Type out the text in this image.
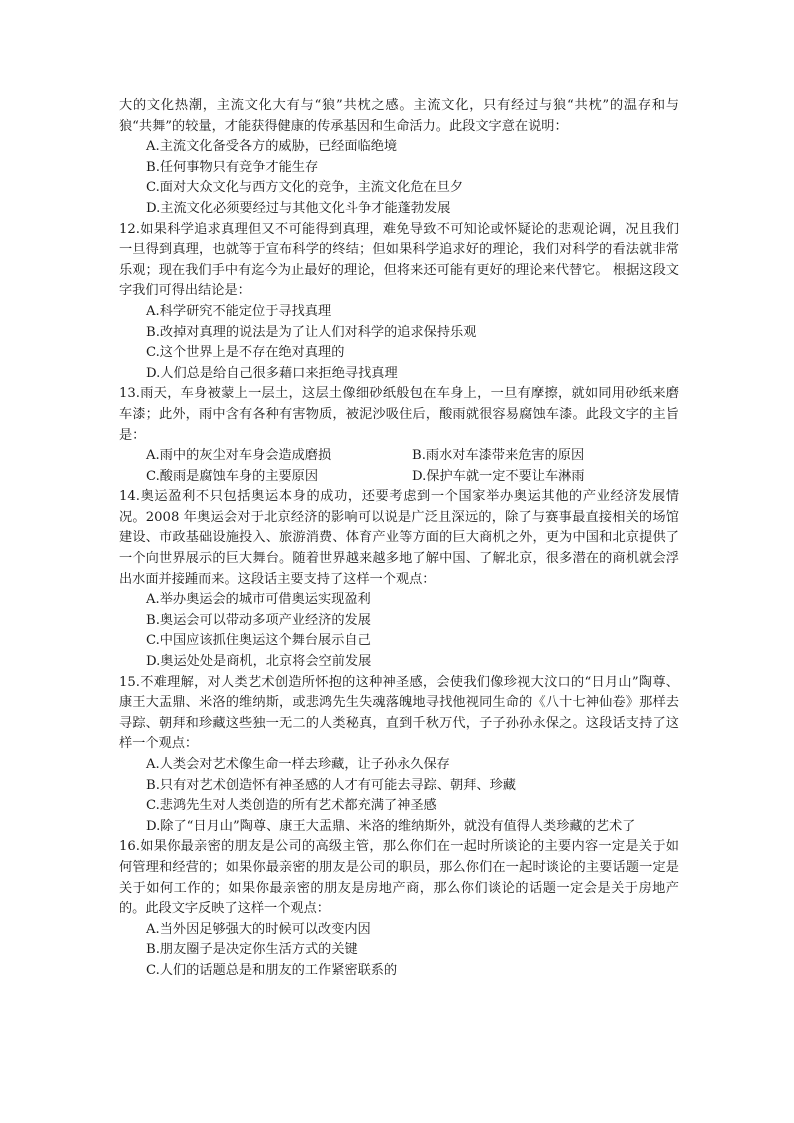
大的文化热潮，主流文化大有与“狼”共枕之感。主流文化，只有经过与狼“共枕”的温存和与狼“共舞”的较量，才能获得健康的传承基因和生命活力。此段文字意在说明：

A.主流文化备受各方的威胁，已经面临绝境

B.任何事物只有竞争才能生存

C.面对大众文化与西方文化的竞争，主流文化危在旦夕

D.主流文化必须要经过与其他文化斗争才能蓬勃发展

12.如果科学追求真理但又不可能得到真理，难免导致不可知论或怀疑论的悲观论调，况且我们一旦得到真理，也就等于宣布科学的终结；但如果科学追求好的理论，我们对科学的看法就非常乐观；现在我们手中有迄今为止最好的理论，但将来还可能有更好的理论来代替它。 根据这段文字我们可得出结论是：

A.科学研究不能定位于寻找真理

B.改掉对真理的说法是为了让人们对科学的追求保持乐观

C.这个世界上是不存在绝对真理的

D.人们总是给自己很多藉口来拒绝寻找真理

13.雨天，车身被蒙上一层土，这层土像细砂纸般包在车身上，一旦有摩擦，就如同用砂纸来磨车漆；此外，雨中含有各种有害物质，被泥沙吸住后，酸雨就很容易腐蚀车漆。此段文字的主旨是：

A.雨中的灰尘对车身会造成磨损	B.雨水对车漆带来危害的原因

C.酸雨是腐蚀车身的主要原因	D.保护车就一定不要让车淋雨

14.奥运盈利不只包括奥运本身的成功，还要考虑到一个国家举办奥运其他的产业经济发展情况。2008 年奥运会对于北京经济的影响可以说是广泛且深远的，除了与赛事最直接相关的场馆建设、市政基础设施投入、旅游消费、体育产业等方面的巨大商机之外，更为中国和北京提供了一个向世界展示的巨大舞台。随着世界越来越多地了解中国、了解北京，很多潜在的商机就会浮出水面并接踵而来。这段话主要支持了这样一个观点：

A.举办奥运会的城市可借奥运实现盈利

B.奥运会可以带动多项产业经济的发展

C.中国应该抓住奥运这个舞台展示自己

D.奥运处处是商机，北京将会空前发展

15.不难理解，对人类艺术创造所怀抱的这种神圣感，会使我们像珍视大汶口的“日月山”陶尊、康王大盂鼎、米洛的维纳斯，或悲鸿先生失魂落魄地寻找他视同生命的《八十七神仙卷》那样去寻踪、朝拜和珍藏这些独一无二的人类秘真，直到千秋万代，子子孙孙永保之。这段话支持了这样一个观点：

A.人类会对艺术像生命一样去珍藏，让子孙永久保存

B.只有对艺术创造怀有神圣感的人才有可能去寻踪、朝拜、珍藏

C.悲鸿先生对人类创造的所有艺术都充满了神圣感

D.除了“日月山”陶尊、康王大盂鼎、米洛的维纳斯外，就没有值得人类珍藏的艺术了

16.如果你最亲密的朋友是公司的高级主管，那么你们在一起时所谈论的主要内容一定是关于如何管理和经营的；如果你最亲密的朋友是公司的职员，那么你们在一起时谈论的主要话题一定是关于如何工作的；如果你最亲密的朋友是房地产商，那么你们谈论的话题一定会是关于房地产的。此段文字反映了这样一个观点：

A.当外因足够强大的时候可以改变内因

B.朋友圈子是决定你生活方式的关键

C.人们的话题总是和朋友的工作紧密联系的
